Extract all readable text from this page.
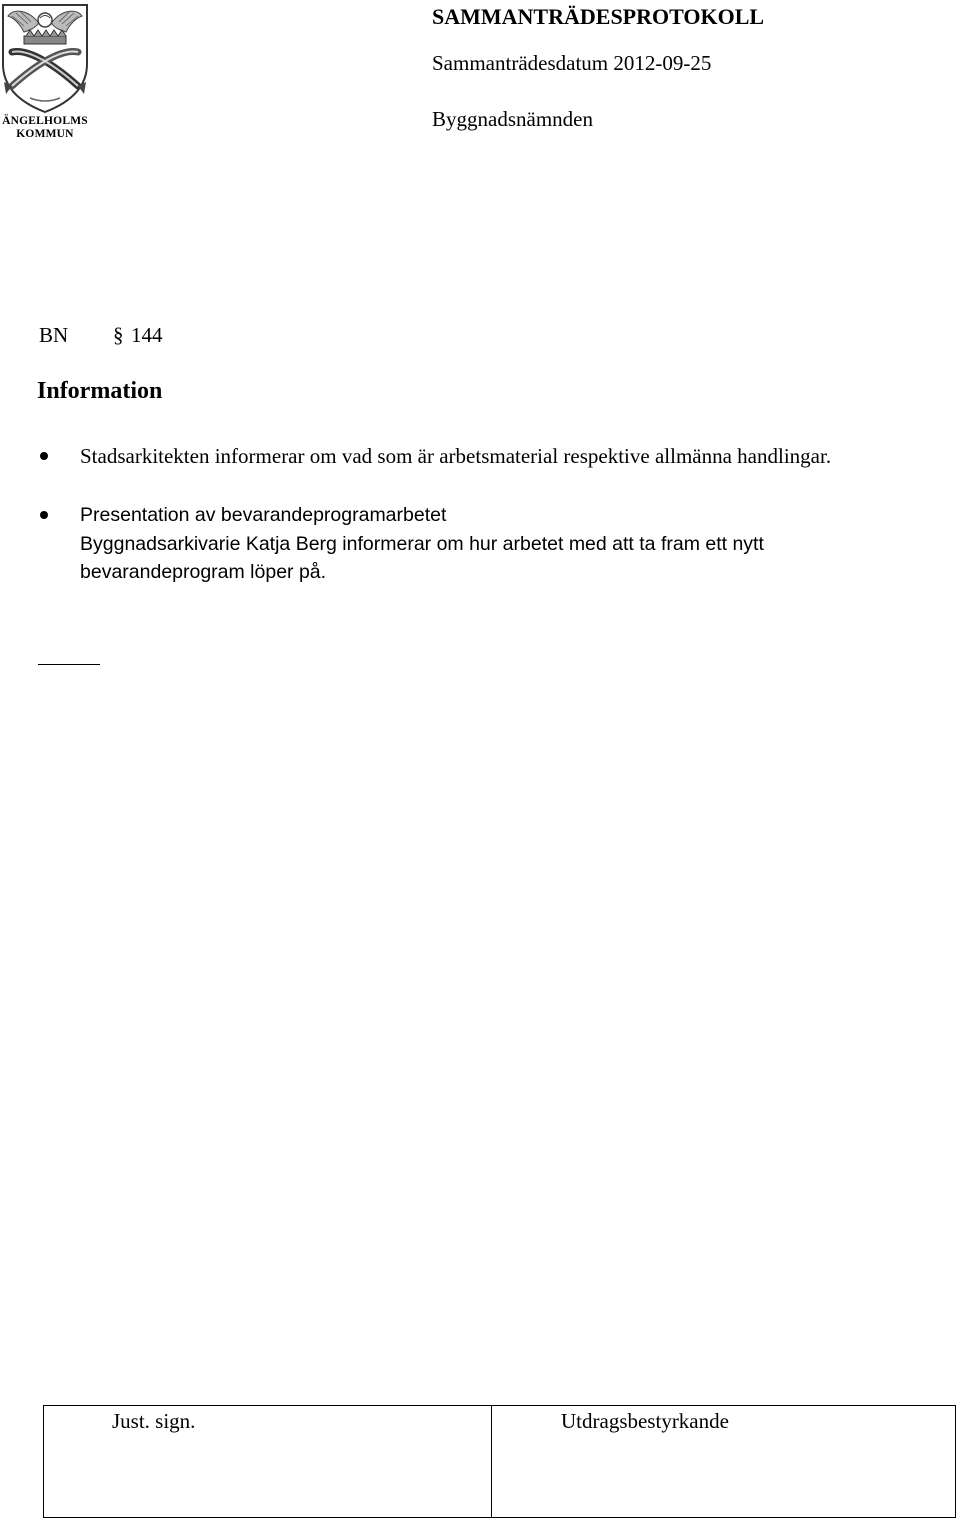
ÄNGELHOLMS
KOMMUN
SAMMANTRÄDESPROTOKOLL
Sammanträdesdatum 2012-09-25
Byggnadsnämnden
BN § 144
Information
Stadsarkitekten informerar om vad som är arbetsmaterial respektive allmänna handlingar.
Presentation av bevarandeprogramarbetet
Byggnadsarkivarie Katja Berg informerar om hur arbetet med att ta fram ett nytt
bevarandeprogram löper på.
Just. sign.	Utdragsbestyrkande
